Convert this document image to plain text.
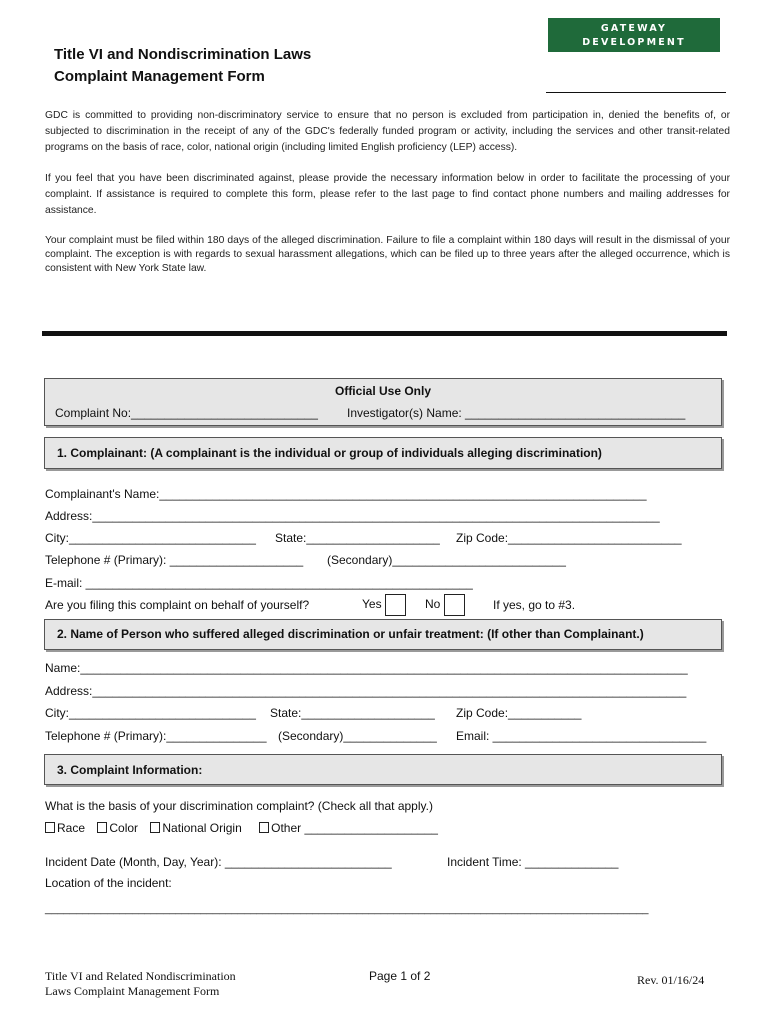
GATEWAY DEVELOPMENT
COMMISSION
Title VI and Nondiscrimination Laws
Complaint Management Form
GDC is committed to providing non-discriminatory service to ensure that no person is excluded from participation in, denied the benefits of, or subjected to discrimination in the receipt of any of the GDC's federally funded program or activity, including the services and other transit-related programs on the basis of race, color, national origin (including limited English proficiency (LEP) access).
If you feel that you have been discriminated against, please provide the necessary information below in order to facilitate the processing of your complaint. If assistance is required to complete this form, please refer to the last page to find contact phone numbers and mailing addresses for assistance.
Your complaint must be filed within 180 days of the alleged discrimination. Failure to file a complaint within 180 days will result in the dismissal of your complaint. The exception is with regards to sexual harassment allegations, which can be filed up to three years after the alleged occurrence, which is consistent with New York State law.
Official Use Only
Complaint No:____________________________ Investigator(s) Name: _________________________________
1. Complainant: (A complainant is the individual or group of individuals alleging discrimination)
Complainant's Name:_________________________________________________________________________
Address:_____________________________________________________________________________________
City:____________________________ State:____________________ Zip Code:__________________________
Telephone # (Primary): ____________________ (Secondary)__________________________
E-mail: __________________________________________________________
Are you filing this complaint on behalf of yourself?	Yes	No	If yes, go to #3.
2. Name of Person who suffered alleged discrimination or unfair treatment: (If other than Complainant.)
Name:___________________________________________________________________________________________
Address:_________________________________________________________________________________________
City:____________________________ State:____________________ Zip Code:___________
Telephone # (Primary):_______________ (Secondary)______________ Email: ________________________________
3. Complaint Information:
What is the basis of your discrimination complaint? (Check all that apply.)
Race Color National Origin Other ____________________
Incident Date (Month, Day, Year): _________________________	Incident Time: ______________
Location of the incident:
_________________________________________________________________________________________________
Title VI and Related Nondiscrimination
Laws Complaint Management Form
Page 1 of 2	Rev. 01/16/24
